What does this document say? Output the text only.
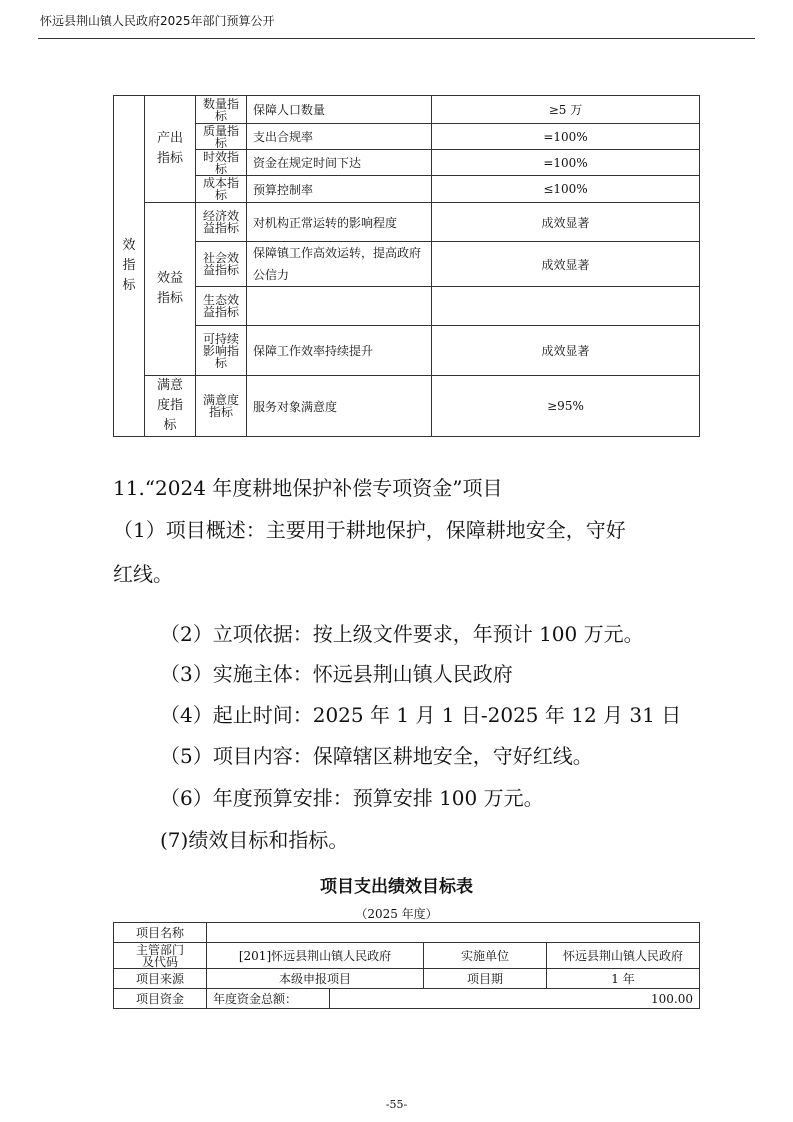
怀远县荆山镇人民政府2025年部门预算公开
效指标	产出指标	数量指标	保障人口数量	≥5 万
		质量指标	支出合规率	=100%
		时效指标	资金在规定时间下达	=100%
		成本指标	预算控制率	≤100%
	效益指标	经济效益指标	对机构正常运转的影响程度	成效显著
		社会效益指标	保障镇工作高效运转，提高政府公信力	成效显著
		生态效益指标		
		可持续影响指标	保障工作效率持续提升	成效显著
	满意度指标	满意度指标	服务对象满意度	≥95%
11.“2024 年度耕地保护补偿专项资金”项目
（1）项目概述：主要用于耕地保护，保障耕地安全，守好
红线。
（2）立项依据：按上级文件要求，年预计 100 万元。
（3）实施主体：怀远县荆山镇人民政府
（4）起止时间：2025 年 1 月 1 日-2025 年 12 月 31 日
（5）项目内容：保障辖区耕地安全，守好红线。
（6）年度预算安排：预算安排 100 万元。
(7)绩效目标和指标。
项目支出绩效目标表
（2025 年度）
项目名称				
主管部门及代码	[201]怀远县荆山镇人民政府		实施单位	怀远县荆山镇人民政府
项目来源	本级申报项目		项目期	1 年
项目资金	年度资金总额：	100.00		
-55-
